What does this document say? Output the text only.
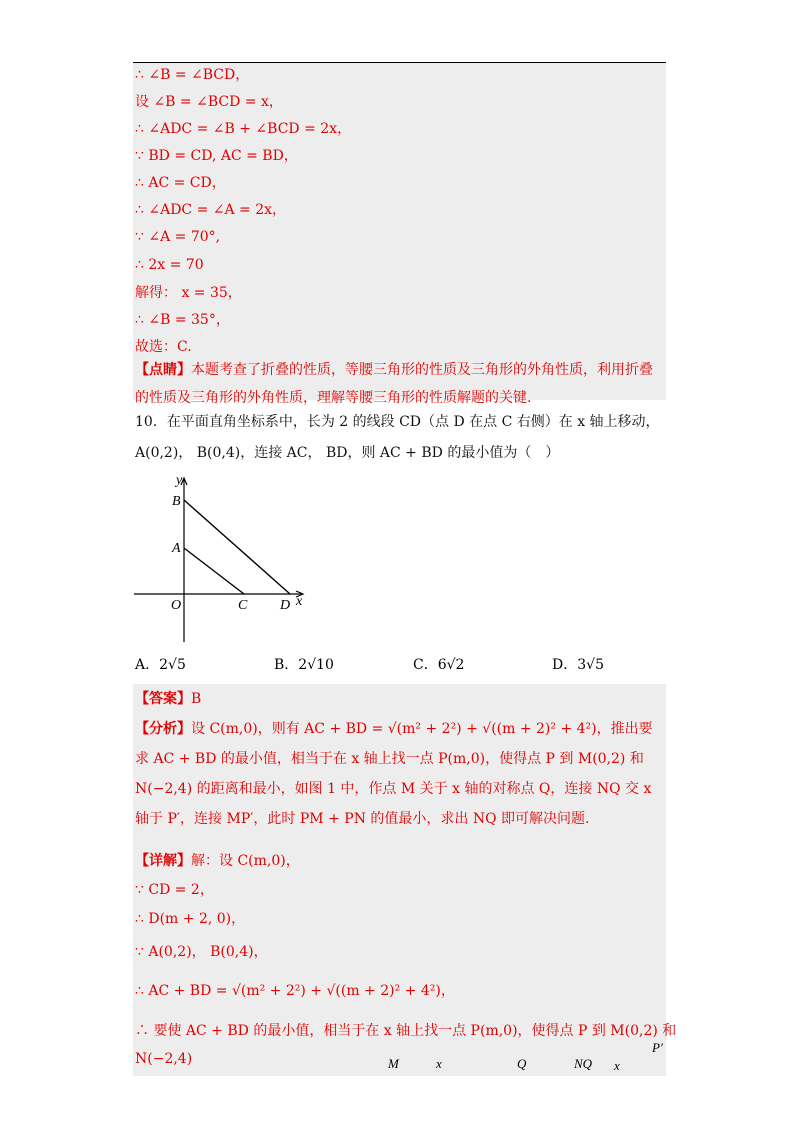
∴ ∠B = ∠BCD，
设 ∠B = ∠BCD = x，
∴ ∠ADC = ∠B + ∠BCD = 2x，
∵ BD = CD, AC = BD，
∴ AC = CD，
∴ ∠ADC = ∠A = 2x，
∵ ∠A = 70°,
∴ 2x = 70
解得： x = 35，
∴ ∠B = 35°，
故选：C.
【点睛】本题考查了折叠的性质，等腰三角形的性质及三角形的外角性质，利用折叠的性质及三角形的外角性质，理解等腰三角形的性质解题的关键.
10．在平面直角坐标系中，长为 2 的线段 CD（点 D 在点 C 右侧）在 x 轴上移动，
A(0,2)， B(0,4)，连接 AC， BD，则 AC + BD 的最小值为（　）
y
B
A
O	C D x
A．2√5	B．2√10	C．6√2	D．3√5
【答案】B
【分析】设 C(m,0)，则有 AC + BD = √(m² + 2²) + √((m + 2)² + 4²)，推出要求 AC + BD 的最小值，相当于在 x 轴上找一点 P(m,0)，使得点 P 到 M(0,2) 和 N(−2,4) 的距离和最小，如图 1 中，作点 M 关于 x 轴的对称点 Q，连接 NQ 交 x 轴于 P′，连接 MP′，此时 PM + PN 的值最小，求出 NQ 即可解决问题.
【详解】解：设 C(m,0)，
∵ CD = 2，
∴ D(m + 2, 0)，
∵ A(0,2)， B(0,4)，
∴ AC + BD = √(m² + 2²) + √((m + 2)² + 4²)，
∴ 要使 AC + BD 的最小值，相当于在 x 轴上找一点 P(m,0)，使得点 P 到 M(0,2) 和
N(−2,4)	M	x	Q	NQ x
P′
